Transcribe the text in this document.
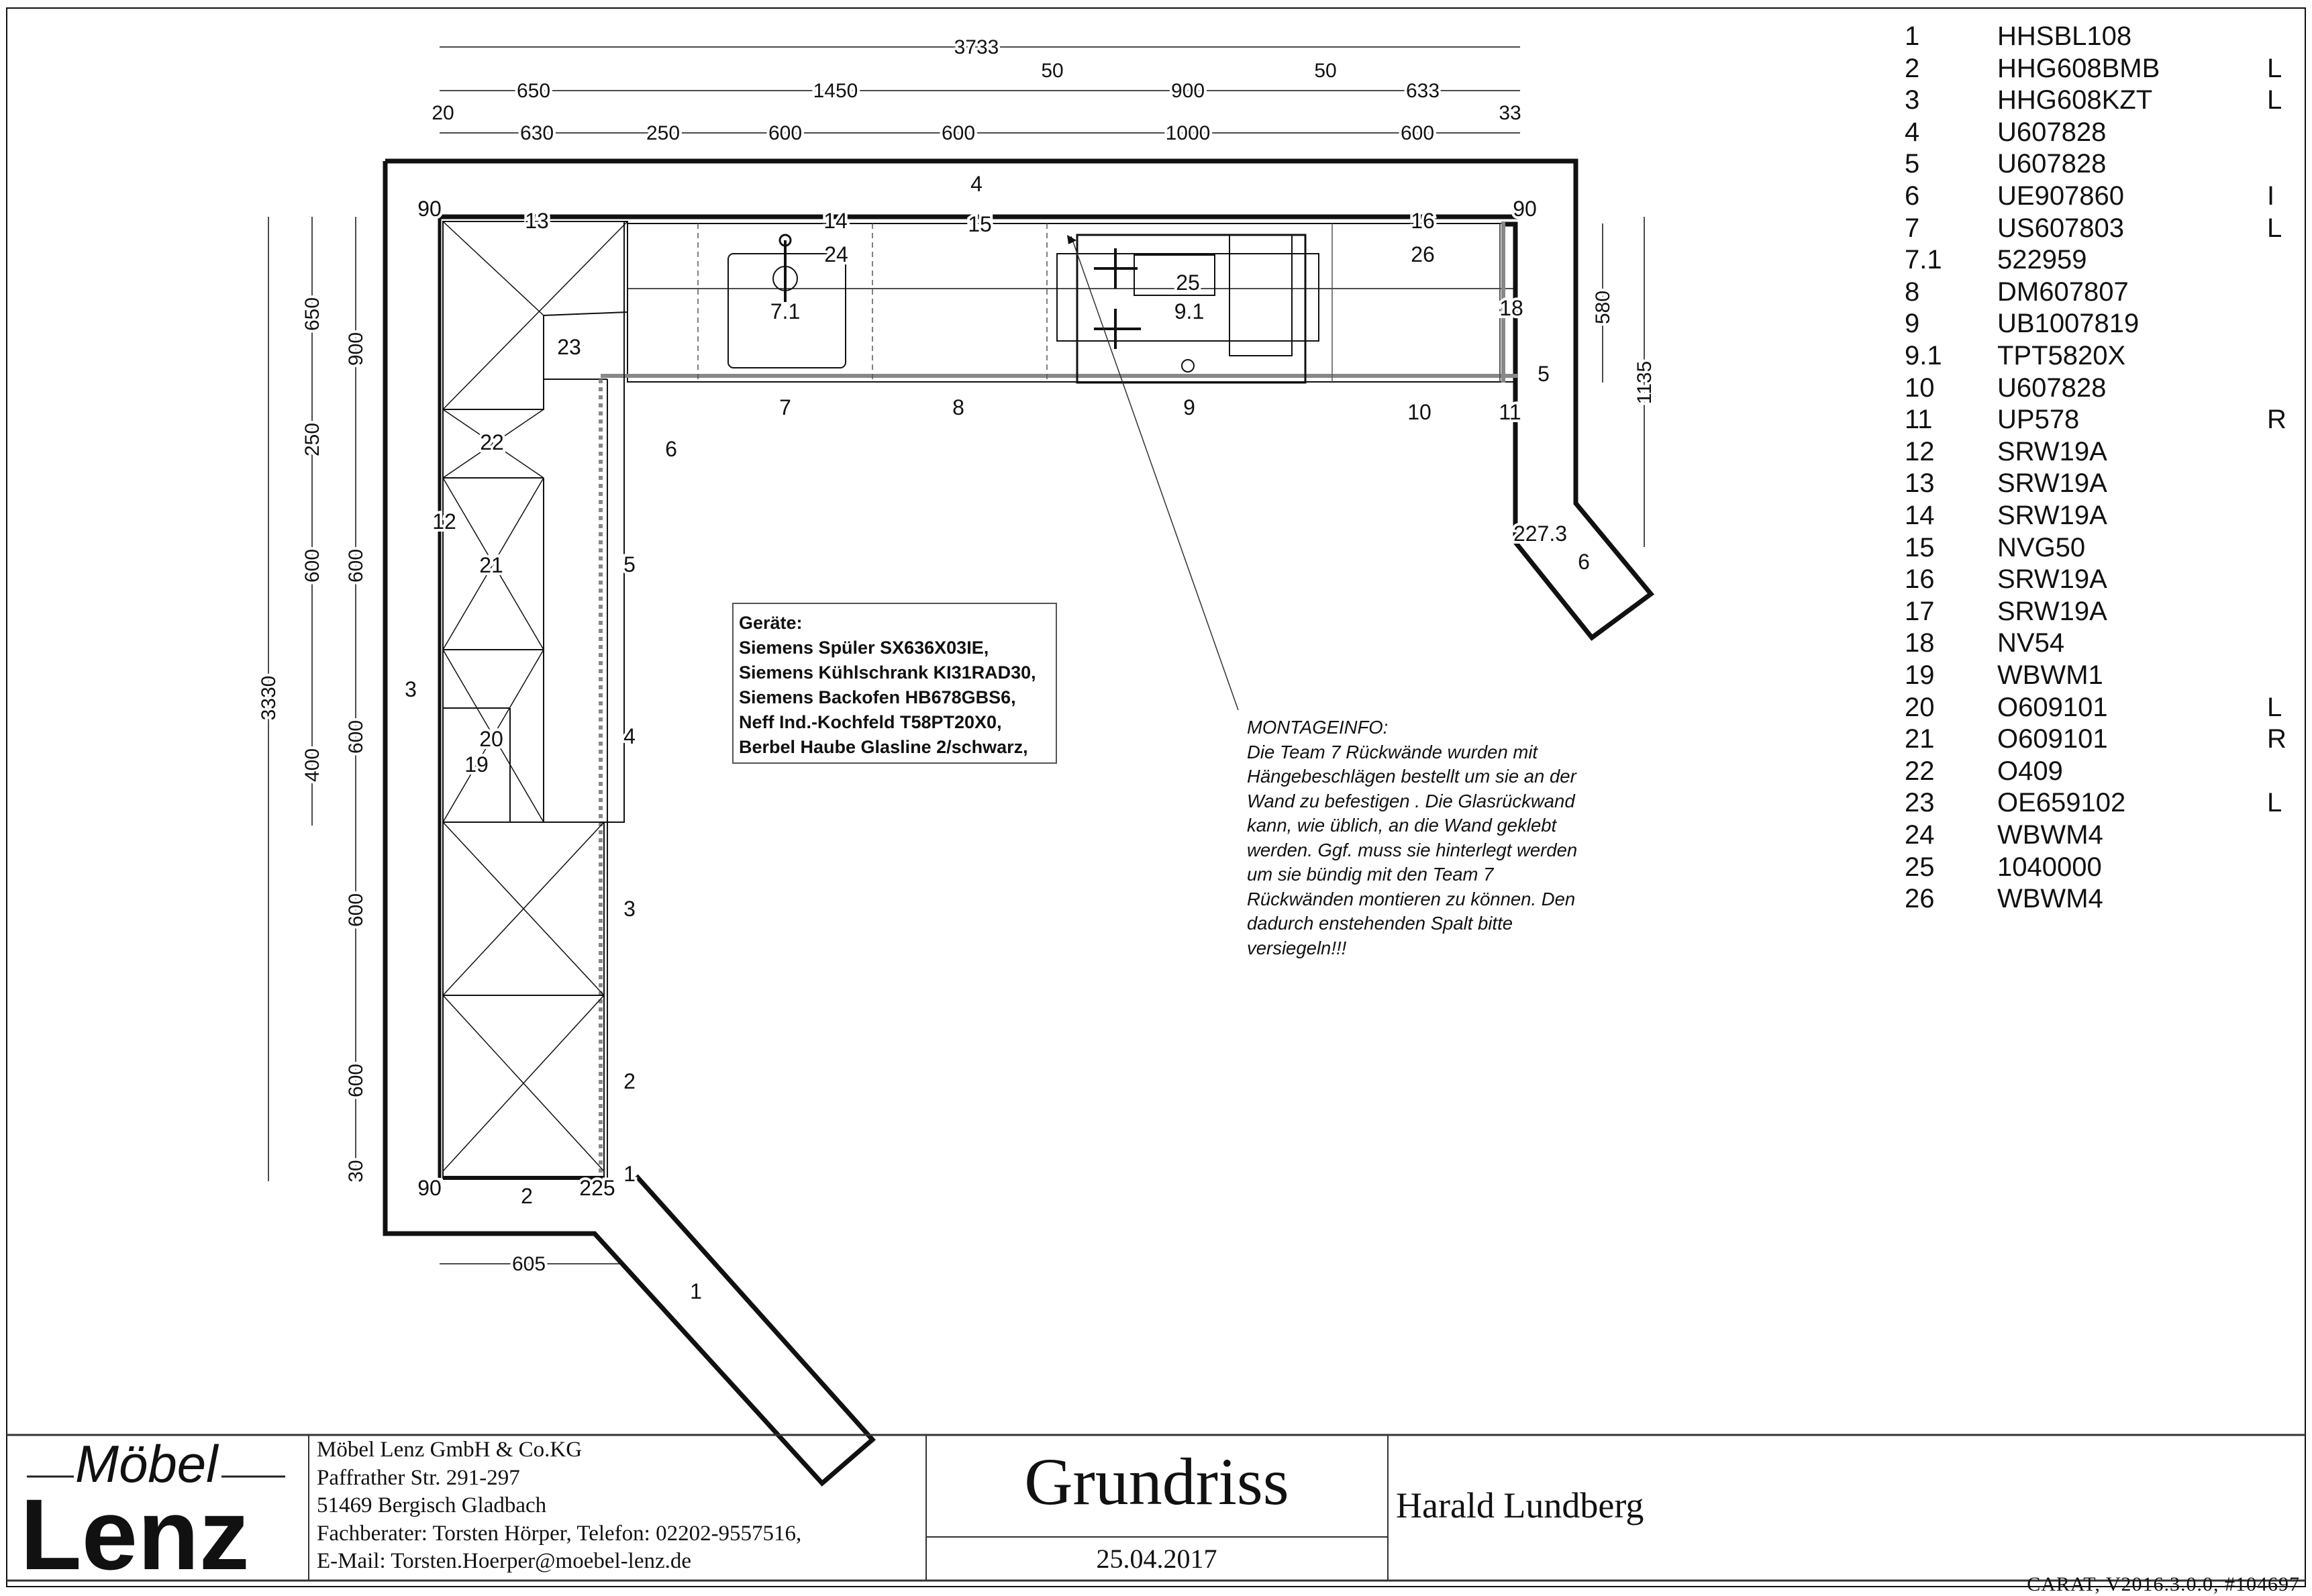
3733
650	1450
50
900
50
633
630	250	600	600	1000	600
20	33
3330
650
250
600
400
900
600
600
600
600
30
580
1135
605
4
3
5
2
1
6
6
227.3
225
90	90
90
13	14	15	16
26
24
25
7.1	9.1
23
18
7	8	9	10	11
22
12
21
20
19
5
4
3
2
1
Möbel
Lenz
1	HHSBL108
2	HHG608BMB	L
3	HHG608KZT	L
4	U607828
5	U607828
6	UE907860	I
7	US607803	L
7.1 522959
8	DM607807
9	UB1007819
9.1 TPT5820X
10 U607828
11 UP578	R
12 SRW19A
13 SRW19A
14 SRW19A
15 NVG50
16 SRW19A
17 SRW19A
18 NV54
19 WBWM1
20 O609101	L
21 O609101	R
22 O409
23 OE659102	L
24 WBWM4
25 1040000
26 WBWM4
Geräte:
Siemens Spüler SX636X03IE,
Siemens Kühlschrank KI31RAD30,
Siemens Backofen HB678GBS6,
Neff Ind.-Kochfeld T58PT20X0,
Berbel Haube Glasline 2/schwarz,
MONTAGEINFO:
Die Team 7 Rückwände wurden mit
Hängebeschlägen bestellt um sie an der
Wand zu befestigen . Die Glasrückwand
kann, wie üblich, an die Wand geklebt
werden. Ggf. muss sie hinterlegt werden
um sie bündig mit den Team 7
Rückwänden montieren zu können. Den
dadurch enstehenden Spalt bitte
versiegeln!!!
Möbel Lenz GmbH & Co.KG
Paffrather Str. 291-297
51469 Bergisch Gladbach
Fachberater: Torsten Hörper, Telefon: 02202-9557516,
E-Mail: Torsten.Hoerper@moebel-lenz.de
Grundriss
25.04.2017
Harald Lundberg
CARAT, V2016.3.0.0, #104697
